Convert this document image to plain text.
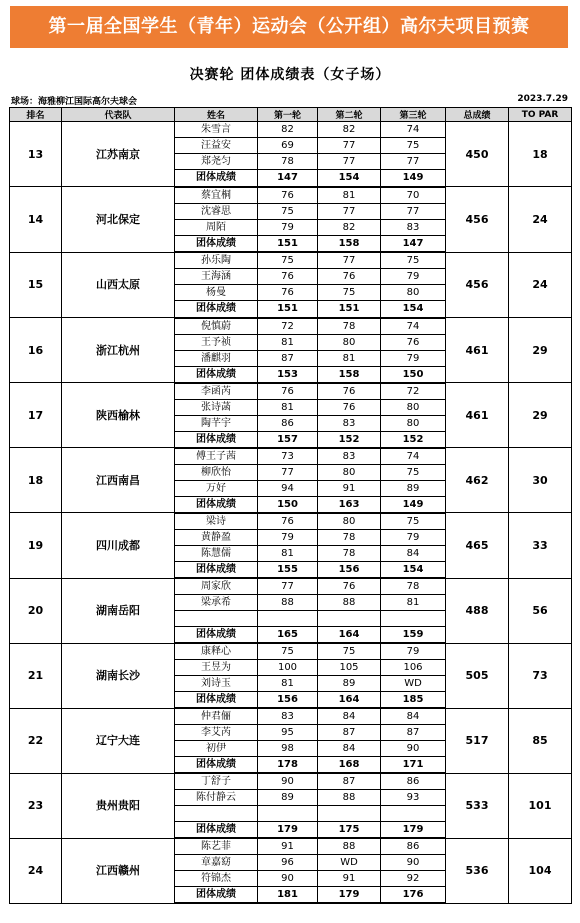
第一届全国学生（青年）运动会（公开组）高尔夫项目预赛
决赛轮 团体成绩表（女子场）
球场：海雅柳江国际高尔夫球会	2023.7.29
排名	代表队	姓名	第一轮	第二轮	第三轮	总成绩	TO PAR
13	江苏南京	朱雪言	82	82	74	450	18
		汪益安	69	77	75		
		郑尧匀	78	77	77		
		团体成绩	147	154	149		
14	河北保定	蔡宜桐	76	81	70	456	24
		沈睿思	75	77	77		
		周陌	79	82	83		
		团体成绩	151	158	147		
15	山西太原	孙乐陶	75	77	75	456	24
		王海涵	76	76	79		
		杨曼	76	75	80		
		团体成绩	151	151	154		
16	浙江杭州	倪慎蔚	72	78	74	461	29
		王予祯	81	80	76		
		潘麒羽	87	81	79		
		团体成绩	153	158	150		
17	陕西榆林	李函芮	76	76	72	461	29
		张诗菡	81	76	80		
		陶芊宇	86	83	80		
		团体成绩	157	152	152		
18	江西南昌	傅王子茜	73	83	74	462	30
		柳欣怡	77	80	75		
		万好	94	91	89		
		团体成绩	150	163	149		
19	四川成都	梁诗	76	80	75	465	33
		黄静盈	79	78	79		
		陈慧儒	81	78	84		
		团体成绩	155	156	154		
20	湖南岳阳	周家欣	77	76	78	488	56
		梁承希	88	88	81		

		团体成绩	165	164	159		
21	湖南长沙	康释心	75	75	79	505	73
		王昱为	100	105	106		
		刘诗玉	81	89	WD		
		团体成绩	156	164	185		
22	辽宁大连	仲君俪	83	84	84	517	85
		李艾芮	95	87	87		
		初伊	98	84	90		
		团体成绩	178	168	171		
23	贵州贵阳	丁舒子	90	87	86	533	101
		陈付静云	89	88	93		

		团体成绩	179	175	179		
24	江西赣州	陈艺菲	91	88	86	536	104
		章嘉窈	96	WD	90		
		符锦杰	90	91	92		
		团体成绩	181	179	176		
